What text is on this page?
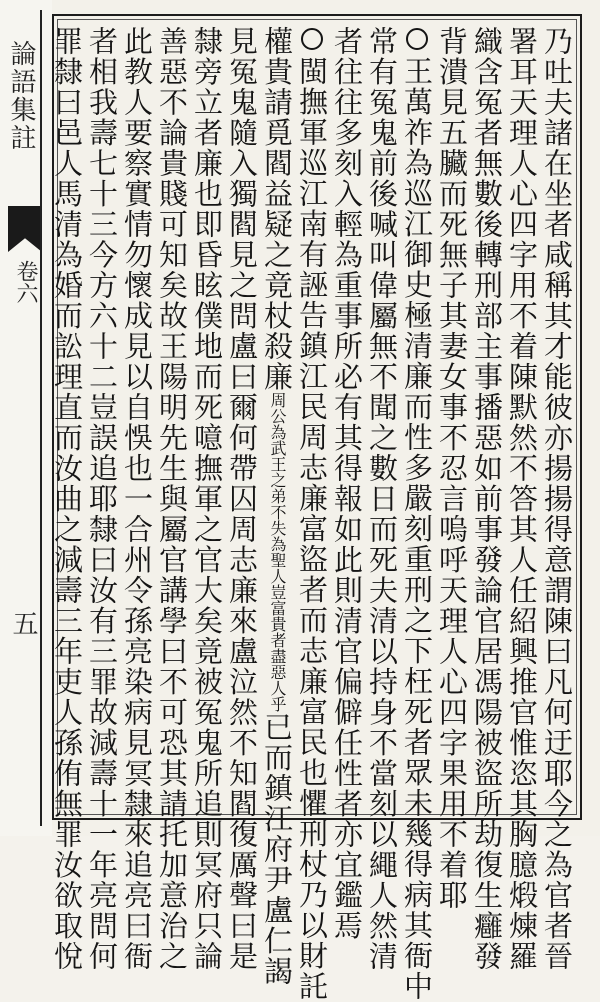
論語集註
卷六
五	乃吐夫諸在坐者咸稱其才能彼亦揚揚得意謂陳曰凡何迂耶今之為官者晉
署耳天理人心四字用不着陳默然不答其人任紹興推官惟恣其胸臆煅煉羅
織含冤者無數後轉刑部主事播惡如前事發論官居馮陽被盜所劫復生癰發
背潰見五臟而死無子其妻女事不忍言嗚呼天理人心四字果用不着耶
王萬祚為巡江御史極清廉而性多嚴刻重刑之下枉死者眾未幾得病其衙中
常有冤鬼前後喊叫偉屬無不聞之數日而死夫清以持身不當刻以繩人然清
者往往多刻入輕為重事所必有其得報如此則清官偏僻任性者亦宜鑑焉
閩撫軍巡江南有誣告鎮江民周志廉富盜者而志廉富民也懼刑杖乃以財託
權貴請覓閻益疑之竟杖殺廉周公為武王之弟不失為聖人豈富貴者盡惡人乎已而鎮江府尹盧仁謁
見冤鬼隨入獨閻見之問盧曰爾何帶囚周志廉來盧泣然不知閻復厲聲曰是
隸旁立者廉也即昏眩僕地而死噫撫軍之官大矣竟被冤鬼所追則冥府只論
善惡不論貴賤可知矣故王陽明先生與屬官講學曰不可恐其請托加意治之
此教人要察實情勿懷成見以自悞也一合州令孫亮染病見冥隸來追亮曰衙
者相我壽七十三今方六十二豈誤追耶隸曰汝有三罪故減壽十一年亮問何
罪隸曰邑人馬清為婚而訟理直而汝曲之減壽三年吏人孫侑無罪汝欲取悅
